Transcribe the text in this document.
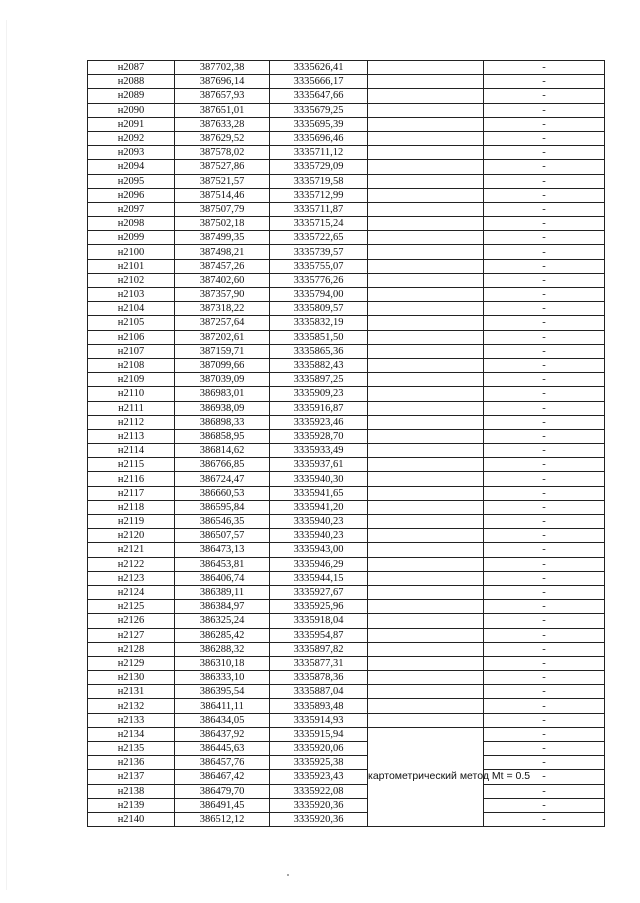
н2087	387702,38	3335626,41		-
н2088	387696,14	3335666,17		-
н2089	387657,93	3335647,66		-
н2090	387651,01	3335679,25		-
н2091	387633,28	3335695,39		-
н2092	387629,52	3335696,46		-
н2093	387578,02	3335711,12		-
н2094	387527,86	3335729,09		-
н2095	387521,57	3335719,58		-
н2096	387514,46	3335712,99		-
н2097	387507,79	3335711,87		-
н2098	387502,18	3335715,24		-
н2099	387499,35	3335722,65		-
н2100	387498,21	3335739,57		-
н2101	387457,26	3335755,07		-
н2102	387402,60	3335776,26		-
н2103	387357,90	3335794,00		-
н2104	387318,22	3335809,57		-
н2105	387257,64	3335832,19		-
н2106	387202,61	3335851,50		-
н2107	387159,71	3335865,36		-
н2108	387099,66	3335882,43		-
н2109	387039,09	3335897,25		-
н2110	386983,01	3335909,23		-
н2111	386938,09	3335916,87		-
н2112	386898,33	3335923,46		-
н2113	386858,95	3335928,70		-
н2114	386814,62	3335933,49		-
н2115	386766,85	3335937,61		-
н2116	386724,47	3335940,30		-
н2117	386660,53	3335941,65		-
н2118	386595,84	3335941,20		-
н2119	386546,35	3335940,23		-
н2120	386507,57	3335940,23		-
н2121	386473,13	3335943,00		-
н2122	386453,81	3335946,29		-
н2123	386406,74	3335944,15		-
н2124	386389,11	3335927,67		-
н2125	386384,97	3335925,96		-
н2126	386325,24	3335918,04		-
н2127	386285,42	3335954,87		-
н2128	386288,32	3335897,82		-
н2129	386310,18	3335877,31		-
н2130	386333,10	3335878,36		-
н2131	386395,54	3335887,04		-
н2132	386411,11	3335893,48		-
н2133	386434,05	3335914,93		-
н2134	386437,92	3335915,94	картометрический метод Mt = 0.5	-
н2135	386445,63	3335920,06		-
н2136	386457,76	3335925,38		-
н2137	386467,42	3335923,43		-
н2138	386479,70	3335922,08		-
н2139	386491,45	3335920,36		-
н2140	386512,12	3335920,36		-
